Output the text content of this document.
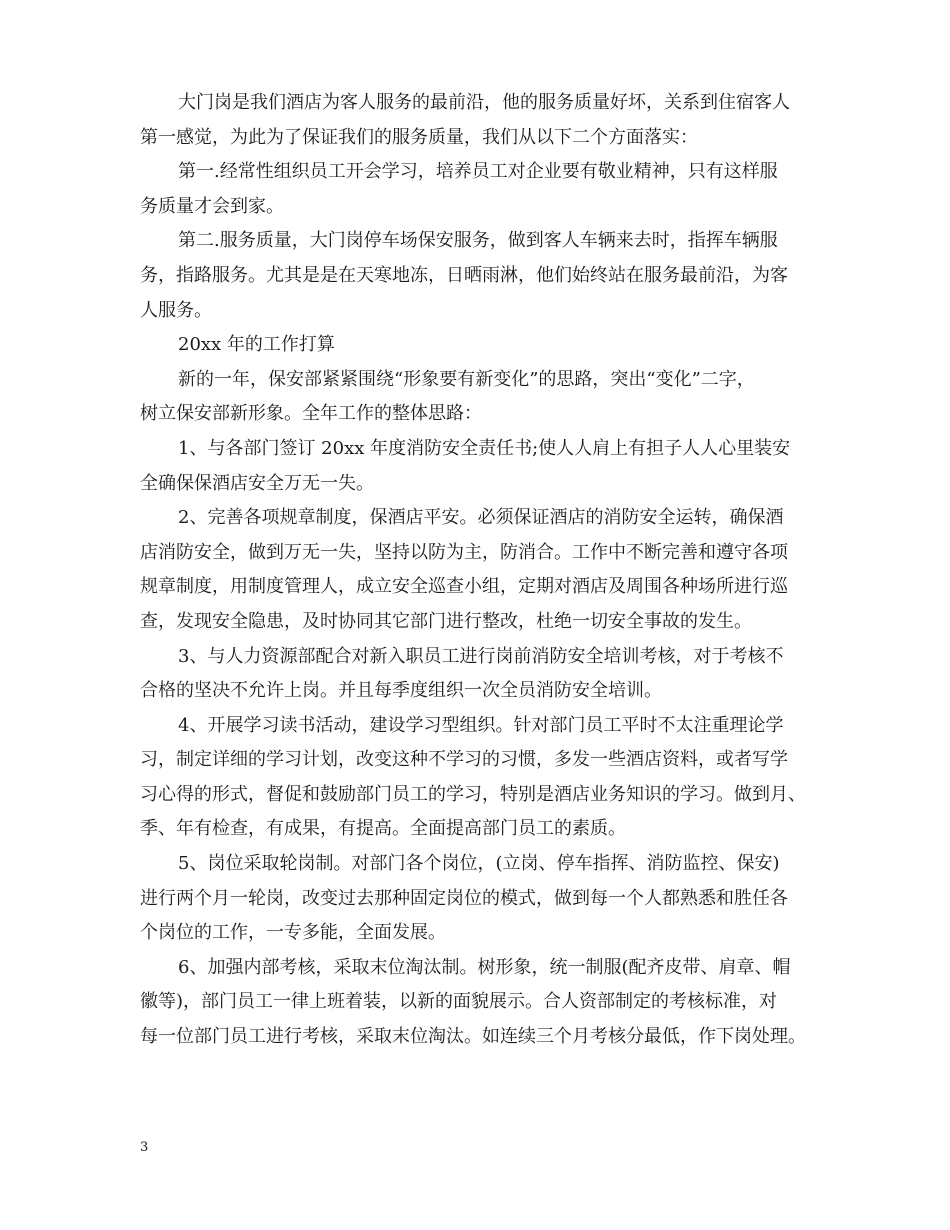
大门岗是我们酒店为客人服务的最前沿，他的服务质量好坏，关系到住宿客人
第一感觉，为此为了保证我们的服务质量，我们从以下二个方面落实：
第一.经常性组织员工开会学习，培养员工对企业要有敬业精神，只有这样服
务质量才会到家。
第二.服务质量，大门岗停车场保安服务，做到客人车辆来去时，指挥车辆服
务，指路服务。尤其是是在天寒地冻，日晒雨淋，他们始终站在服务最前沿，为客
人服务。
20xx 年的工作打算
新的一年，保安部紧紧围绕“形象要有新变化”的思路，突出“变化”二字，
树立保安部新形象。全年工作的整体思路：
1、与各部门签订 20xx 年度消防安全责任书;使人人肩上有担子人人心里装安
全确保保酒店安全万无一失。
2、完善各项规章制度，保酒店平安。必须保证酒店的消防安全运转，确保酒
店消防安全，做到万无一失，坚持以防为主，防消合。工作中不断完善和遵守各项
规章制度，用制度管理人，成立安全巡查小组，定期对酒店及周围各种场所进行巡
查，发现安全隐患，及时协同其它部门进行整改，杜绝一切安全事故的发生。
3、与人力资源部配合对新入职员工进行岗前消防安全培训考核，对于考核不
合格的坚决不允许上岗。并且每季度组织一次全员消防安全培训。
4、开展学习读书活动，建设学习型组织。针对部门员工平时不太注重理论学
习，制定详细的学习计划，改变这种不学习的习惯，多发一些酒店资料，或者写学
习心得的形式，督促和鼓励部门员工的学习，特别是酒店业务知识的学习。做到月、
季、年有检查，有成果，有提高。全面提高部门员工的素质。
5、岗位采取轮岗制。对部门各个岗位，(立岗、停车指挥、消防监控、保安)
进行两个月一轮岗，改变过去那种固定岗位的模式，做到每一个人都熟悉和胜任各
个岗位的工作，一专多能，全面发展。
6、加强内部考核，采取末位淘汰制。树形象，统一制服(配齐皮带、肩章、帽
徽等)，部门员工一律上班着装，以新的面貌展示。合人资部制定的考核标准，对
每一位部门员工进行考核，采取末位淘汰。如连续三个月考核分最低，作下岗处理。
3
